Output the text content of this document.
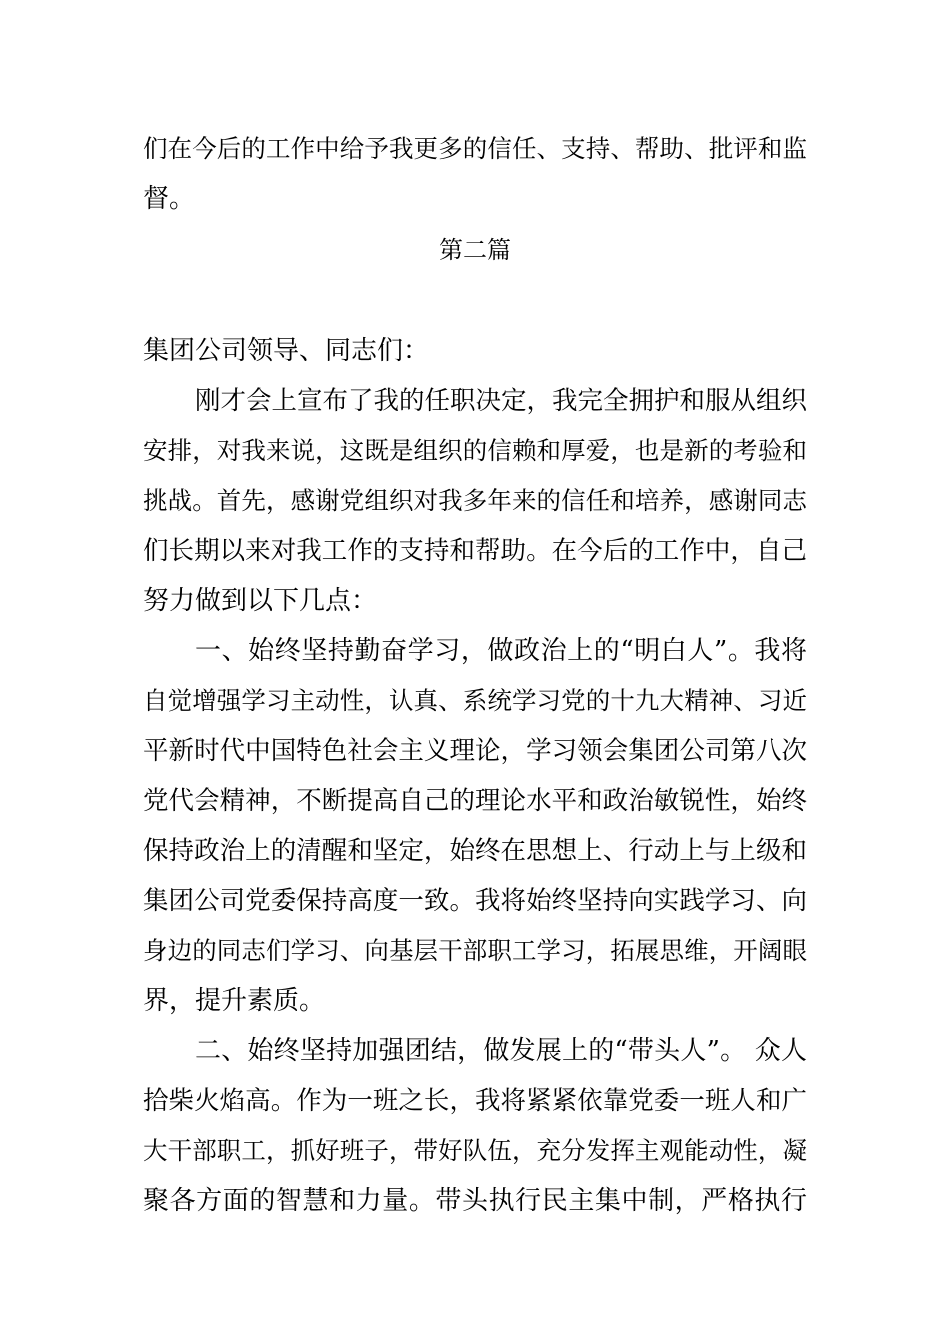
们在今后的工作中给予我更多的信任、支持、帮助、批评和监
督。
第二篇
集团公司领导、同志们：
刚才会上宣布了我的任职决定，我完全拥护和服从组织
安排，对我来说，这既是组织的信赖和厚爱，也是新的考验和
挑战。首先，感谢党组织对我多年来的信任和培养，感谢同志
们长期以来对我工作的支持和帮助。在今后的工作中，自己
努力做到以下几点：
一、始终坚持勤奋学习，做政治上的“明白人”。我将
自觉增强学习主动性，认真、系统学习党的十九大精神、习近
平新时代中国特色社会主义理论，学习领会集团公司第八次
党代会精神，不断提高自己的理论水平和政治敏锐性，始终
保持政治上的清醒和坚定，始终在思想上、行动上与上级和
集团公司党委保持高度一致。我将始终坚持向实践学习、向
身边的同志们学习、向基层干部职工学习，拓展思维，开阔眼
界，提升素质。
二、始终坚持加强团结，做发展上的“带头人”。 众人
拾柴火焰高。作为一班之长，我将紧紧依靠党委一班人和广
大干部职工，抓好班子，带好队伍，充分发挥主观能动性，凝
聚各方面的智慧和力量。带头执行民主集中制，严格执行
